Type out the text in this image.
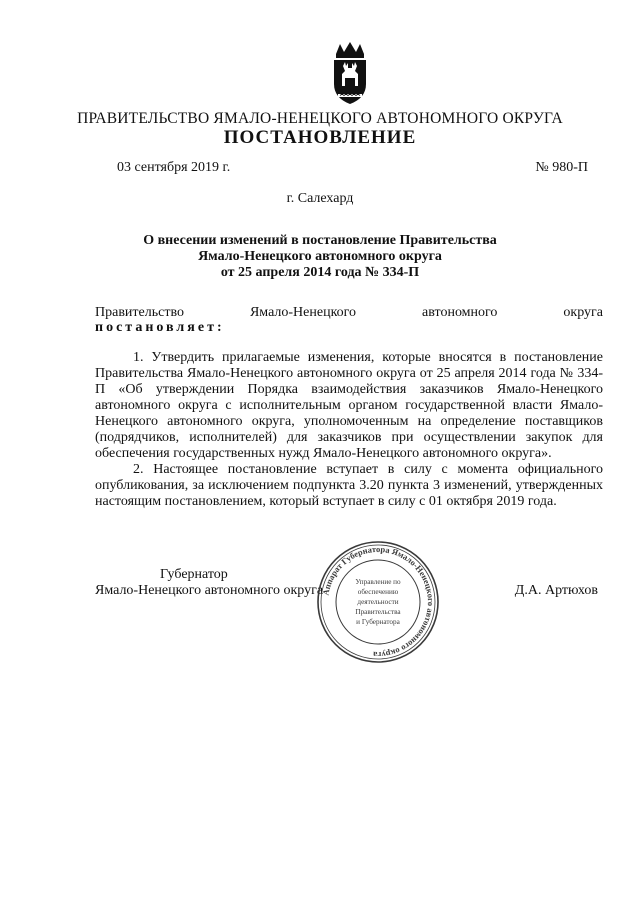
ПРАВИТЕЛЬСТВО ЯМАЛО-НЕНЕЦКОГО АВТОНОМНОГО ОКРУГА
ПОСТАНОВЛЕНИЕ
03 сентября 2019 г.	№ 980-П
г. Салехард
О внесении изменений в постановление Правительства
Ямало-Ненецкого автономного округа
от 25 апреля 2014 года № 334-П
Правительство Ямало-Ненецкого автономного округа
постановляет:
1. Утвердить прилагаемые изменения, которые вносятся в постановление Правительства Ямало-Ненецкого автономного округа от 25 апреля 2014 года № 334-П «Об утверждении Порядка взаимодействия заказчиков Ямало-Ненецкого автономного округа с исполнительным органом государственной власти Ямало-Ненецкого автономного округа, уполномоченным на определение поставщиков (подрядчиков, исполнителей) для заказчиков при осуществлении закупок для обеспечения государственных нужд Ямало-Ненецкого автономного округа».
2. Настоящее постановление вступает в силу с момента официального опубликования, за исключением подпункта 3.20 пункта 3 изменений, утвержденных настоящим постановлением, который вступает в силу с 01 октября 2019 года.
Губернатор
Ямало-Ненецкого автономного округа	Д.А. Артюхов
Аппарат Губернатора Ямало-Ненецкого автономного округа
Управление по
обеспечению
деятельности
Правительства
и Губернатора
